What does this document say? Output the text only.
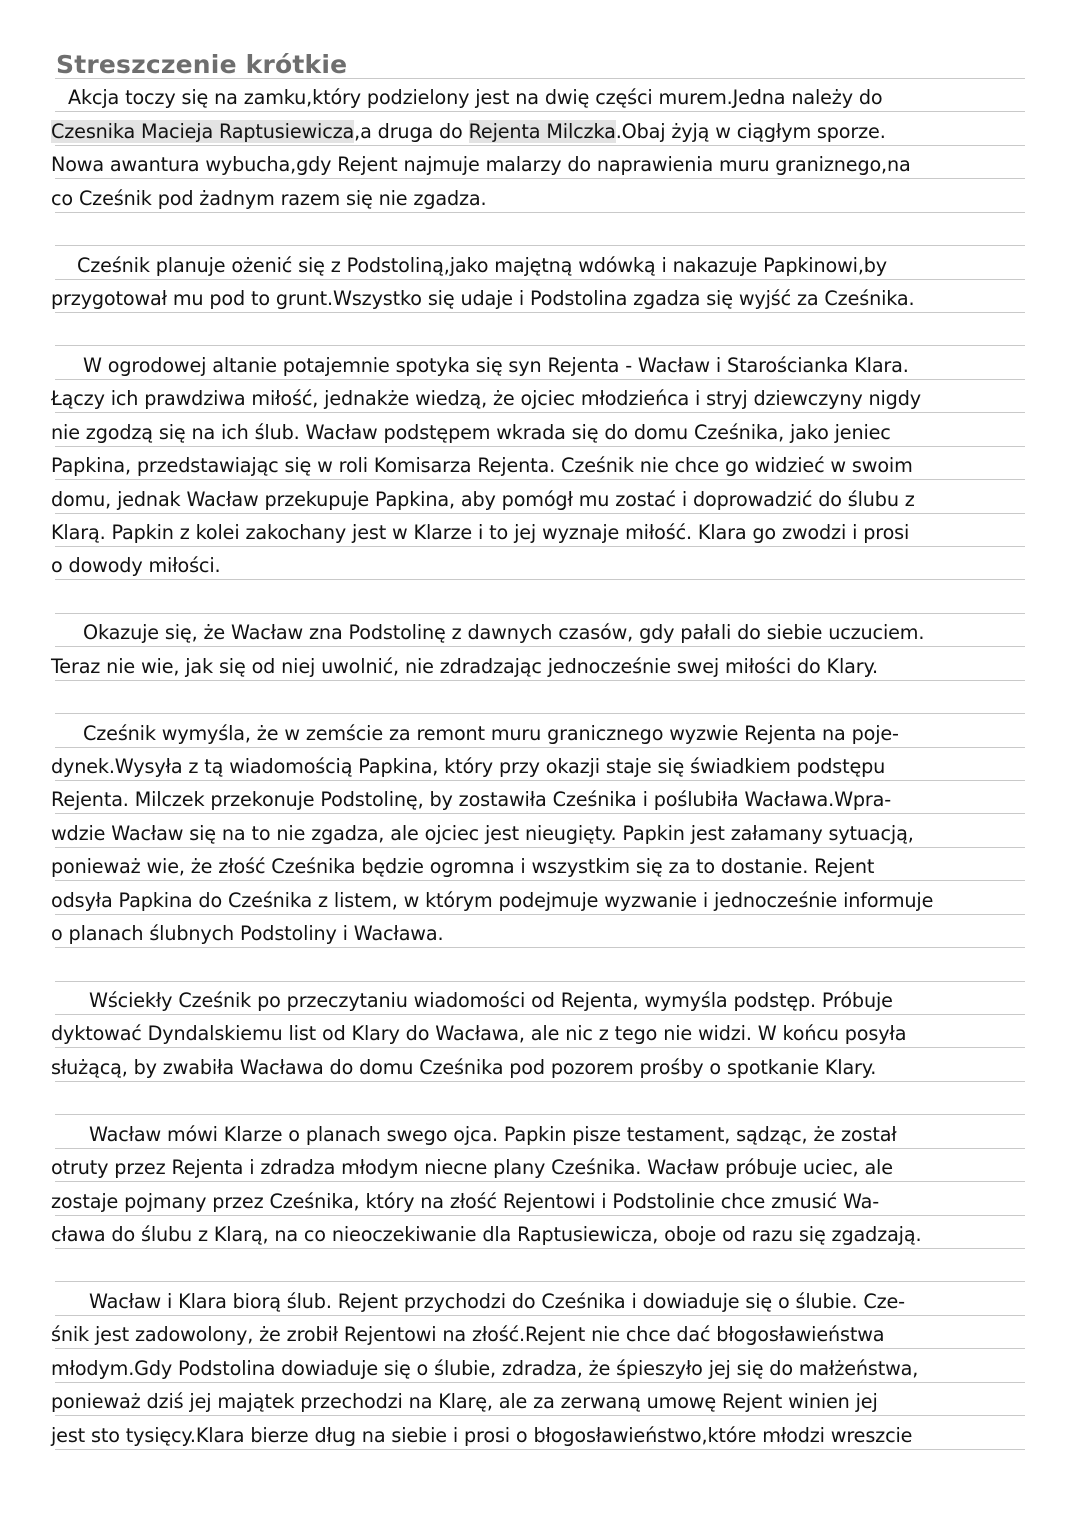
Streszczenie krótkie
Akcja toczy się na zamku,który podzielony jest na dwię części murem.Jedna należy do
Czesnika Macieja Raptusiewicza,a druga do Rejenta Milczka.Obaj żyją w ciągłym sporze.
Nowa awantura wybucha,gdy Rejent najmuje malarzy do naprawienia muru graniznego,na
co Cześnik pod żadnym razem się nie zgadza.
Cześnik planuje ożenić się z Podstoliną,jako majętną wdówką i nakazuje Papkinowi,by
przygotował mu pod to grunt.Wszystko się udaje i Podstolina zgadza się wyjść za Cześnika.
W ogrodowej altanie potajemnie spotyka się syn Rejenta - Wacław i Starościanka Klara.
Łączy ich prawdziwa miłość, jednakże wiedzą, że ojciec młodzieńca i stryj dziewczyny nigdy
nie zgodzą się na ich ślub. Wacław podstępem wkrada się do domu Cześnika, jako jeniec
Papkina, przedstawiając się w roli Komisarza Rejenta. Cześnik nie chce go widzieć w swoim
domu, jednak Wacław przekupuje Papkina, aby pomógł mu zostać i doprowadzić do ślubu z
Klarą. Papkin z kolei zakochany jest w Klarze i to jej wyznaje miłość. Klara go zwodzi i prosi
o dowody miłości.
Okazuje się, że Wacław zna Podstolinę z dawnych czasów, gdy pałali do siebie uczuciem.
Teraz nie wie, jak się od niej uwolnić, nie zdradzając jednocześnie swej miłości do Klary.
Cześnik wymyśla, że w zemście za remont muru granicznego wyzwie Rejenta na poje-
dynek.Wysyła z tą wiadomością Papkina, który przy okazji staje się świadkiem podstępu
Rejenta. Milczek przekonuje Podstolinę, by zostawiła Cześnika i poślubiła Wacława.Wpra-
wdzie Wacław się na to nie zgadza, ale ojciec jest nieugięty. Papkin jest załamany sytuacją,
ponieważ wie, że złość Cześnika będzie ogromna i wszystkim się za to dostanie. Rejent
odsyła Papkina do Cześnika z listem, w którym podejmuje wyzwanie i jednocześnie informuje
o planach ślubnych Podstoliny i Wacława.
Wściekły Cześnik po przeczytaniu wiadomości od Rejenta, wymyśla podstęp. Próbuje
dyktować Dyndalskiemu list od Klary do Wacława, ale nic z tego nie widzi. W końcu posyła
służącą, by zwabiła Wacława do domu Cześnika pod pozorem prośby o spotkanie Klary.
Wacław mówi Klarze o planach swego ojca. Papkin pisze testament, sądząc, że został
otruty przez Rejenta i zdradza młodym niecne plany Cześnika. Wacław próbuje uciec, ale
zostaje pojmany przez Cześnika, który na złość Rejentowi i Podstolinie chce zmusić Wa-
cława do ślubu z Klarą, na co nieoczekiwanie dla Raptusiewicza, oboje od razu się zgadzają.
Wacław i Klara biorą ślub. Rejent przychodzi do Cześnika i dowiaduje się o ślubie. Cze-
śnik jest zadowolony, że zrobił Rejentowi na złość.Rejent nie chce dać błogosławieństwa
młodym.Gdy Podstolina dowiaduje się o ślubie, zdradza, że śpieszyło jej się do małżeństwa,
ponieważ dziś jej majątek przechodzi na Klarę, ale za zerwaną umowę Rejent winien jej
jest sto tysięcy.Klara bierze dług na siebie i prosi o błogosławieństwo,które młodzi wreszcie
